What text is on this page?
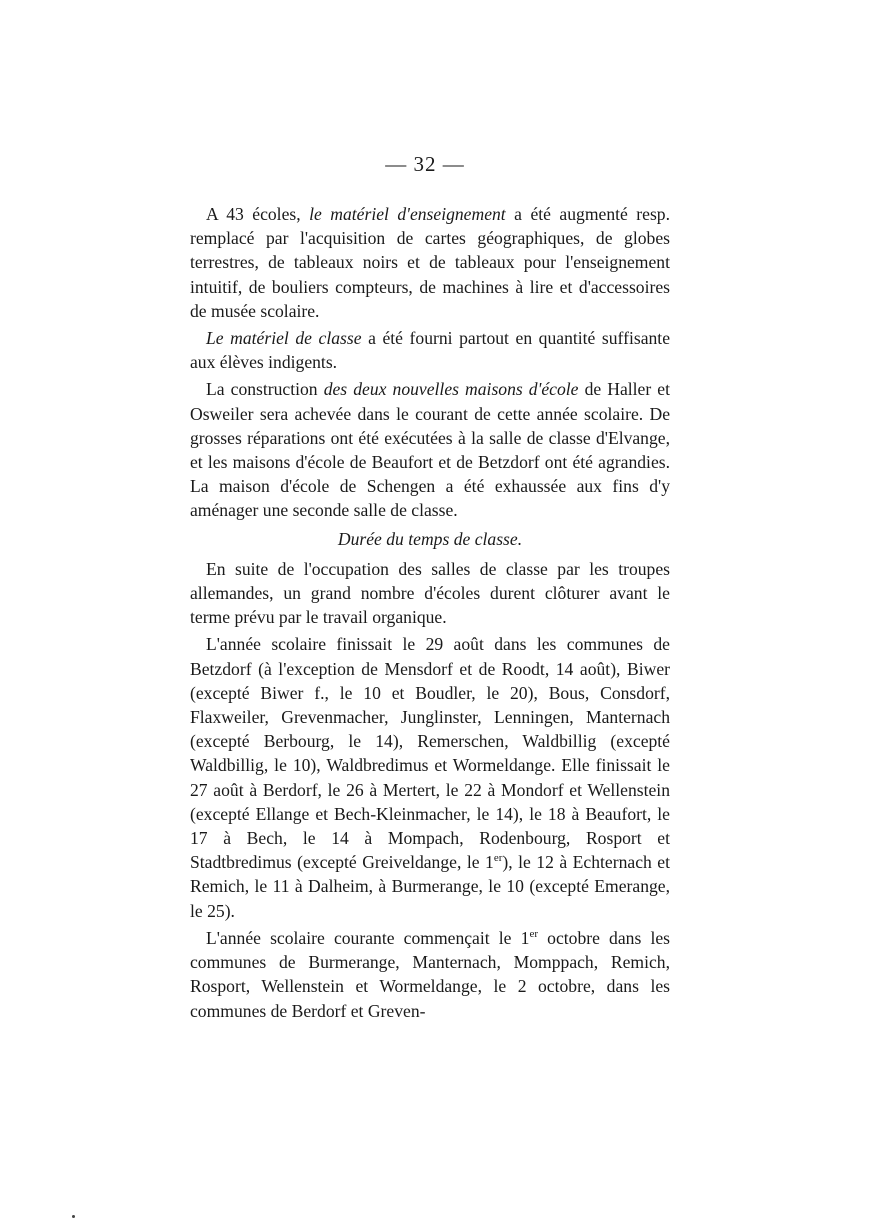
— 32 —

A 43 écoles, le matériel d'enseignement a été augmenté resp. remplacé par l'acquisition de cartes géographiques, de globes terrestres, de tableaux noirs et de tableaux pour l'enseignement intuitif, de bouliers compteurs, de machines à lire et d'accessoires de musée scolaire.

Le matériel de classe a été fourni partout en quantité suffisante aux élèves indigents.

La construction des deux nouvelles maisons d'école de Haller et Osweiler sera achevée dans le courant de cette année scolaire. De grosses réparations ont été exécutées à la salle de classe d'Elvange, et les maisons d'école de Beaufort et de Betzdorf ont été agrandies. La maison d'école de Schengen a été exhaussée aux fins d'y aménager une seconde salle de classe.

Durée du temps de classe.

En suite de l'occupation des salles de classe par les troupes allemandes, un grand nombre d'écoles durent clôturer avant le terme prévu par le travail organique.

L'année scolaire finissait le 29 août dans les communes de Betzdorf (à l'exception de Mensdorf et de Roodt, 14 août), Biwer (excepté Biwer f., le 10 et Boudler, le 20), Bous, Consdorf, Flaxweiler, Grevenmacher, Junglinster, Lenningen, Manternach (excepté Berbourg, le 14), Remerschen, Waldbillig (excepté Waldbillig, le 10), Waldbredimus et Wormeldange. Elle finissait le 27 août à Berdorf, le 26 à Mertert, le 22 à Mondorf et Wellenstein (excepté Ellange et Bech-Kleinmacher, le 14), le 18 à Beaufort, le 17 à Bech, le 14 à Mompach, Rodenbourg, Rosport et Stadtbredimus (excepté Greiveldange, le 1er), le 12 à Echternach et Remich, le 11 à Dalheim, à Burmerange, le 10 (excepté Emerange, le 25).

L'année scolaire courante commençait le 1er octobre dans les communes de Burmerange, Manternach, Momppach, Remich, Rosport, Wellenstein et Wormeldange, le 2 octobre, dans les communes de Berdorf et Greven-
